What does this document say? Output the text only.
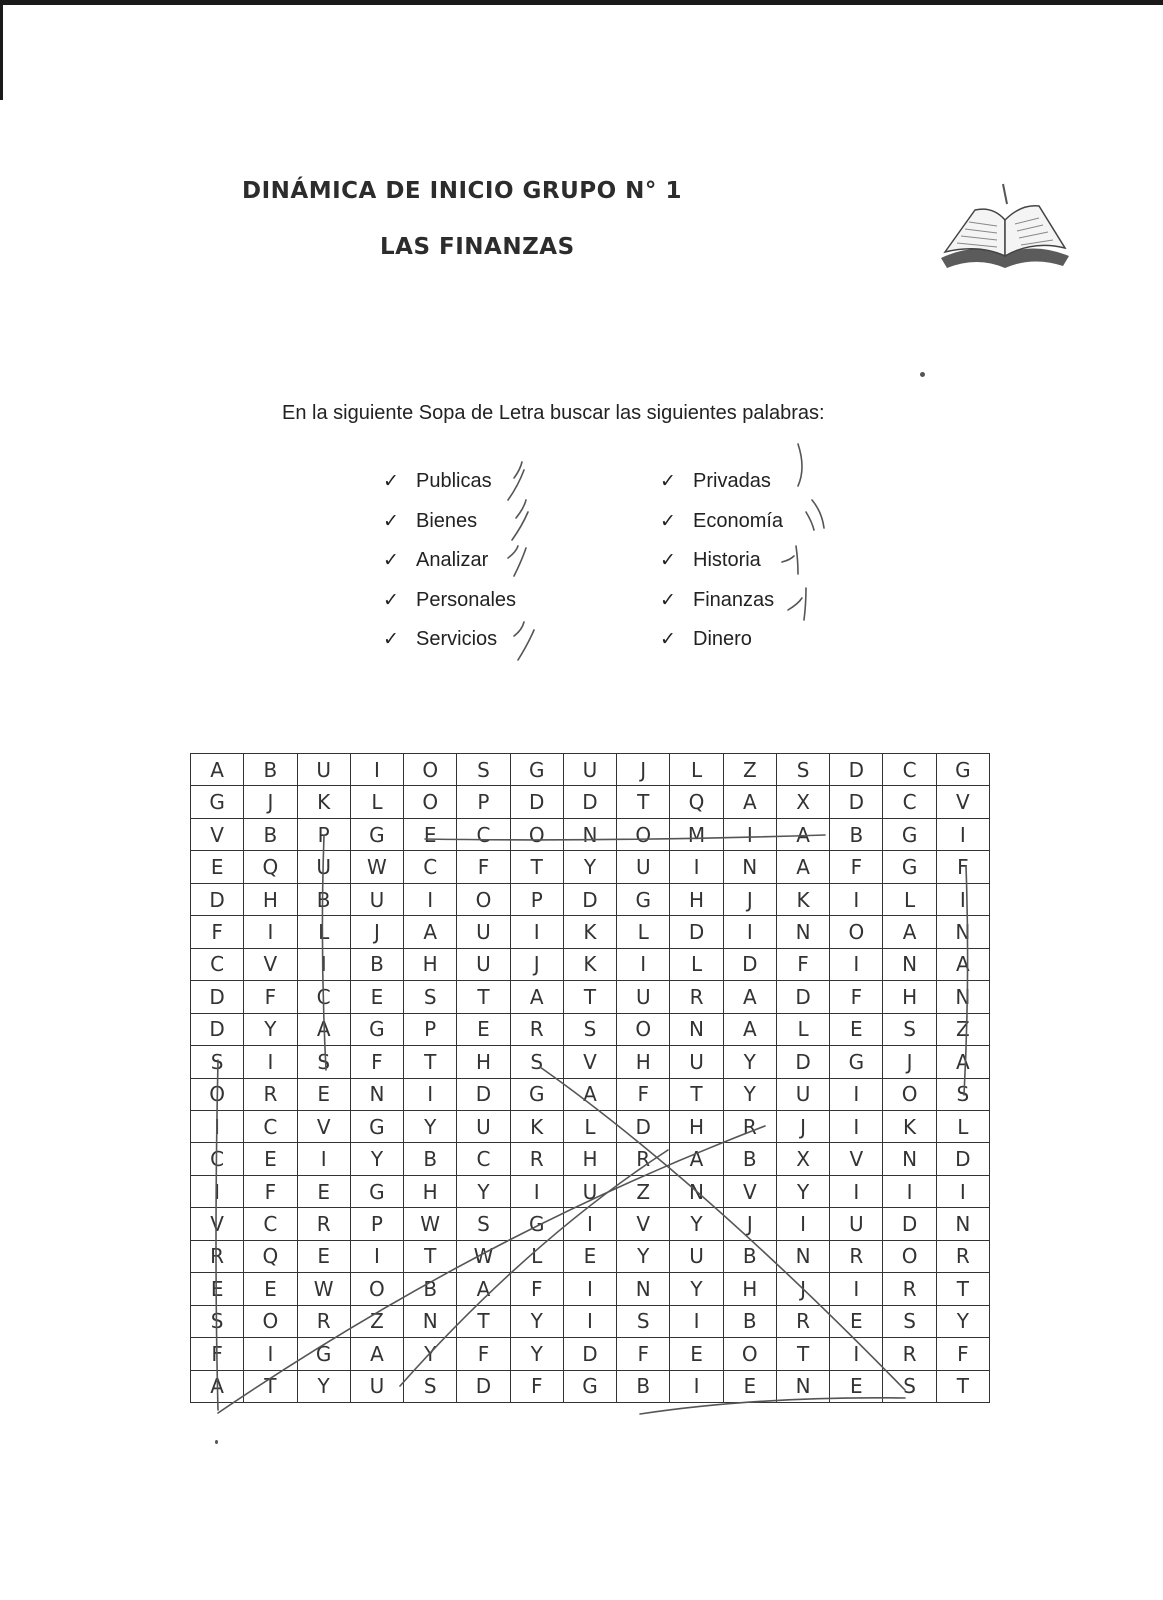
DINÁMICA DE INICIO GRUPO N° 1
LAS FINANZAS

En la siguiente Sopa de Letra buscar las siguientes palabras:

✓ Publicas
✓ Bienes
✓ Analizar
✓ Personales
✓ Servicios
✓ Privadas
✓ Economía
✓ Historia
✓ Finanzas
✓ Dinero
A	B	U	I	O	S	G	U	J	L	Z	S	D	C	G
G	J	K	L	O	P	D	D	T	Q	A	X	D	C	V
V	B	P	G	E	C	O	N	O	M	I	A	B	G	I
E	Q	U	W	C	F	T	Y	U	I	N	A	F	G	F
D	H	B	U	I	O	P	D	G	H	J	K	I	L	I
F	I	L	J	A	U	I	K	L	D	I	N	O	A	N
C	V	I	B	H	U	J	K	I	L	D	F	I	N	A
D	F	C	E	S	T	A	T	U	R	A	D	F	H	N
D	Y	A	G	P	E	R	S	O	N	A	L	E	S	Z
S	I	S	F	T	H	S	V	H	U	Y	D	G	J	A
O	R	E	N	I	D	G	A	F	T	Y	U	I	O	S
I	C	V	G	Y	U	K	L	D	H	R	J	I	K	L
C	E	I	Y	B	C	R	H	R	A	B	X	V	N	D
I	F	E	G	H	Y	I	U	Z	N	V	Y	I	I	I
V	C	R	P	W	S	G	I	V	Y	J	I	U	D	N
R	Q	E	I	T	W	L	E	Y	U	B	N	R	O	R
E	E	W	O	B	A	F	I	N	Y	H	J	I	R	T
S	O	R	Z	N	T	Y	I	S	I	B	R	E	S	Y
F	I	G	A	Y	F	Y	D	F	E	O	T	I	R	F
A	T	Y	U	S	D	F	G	B	I	E	N	E	S	T
